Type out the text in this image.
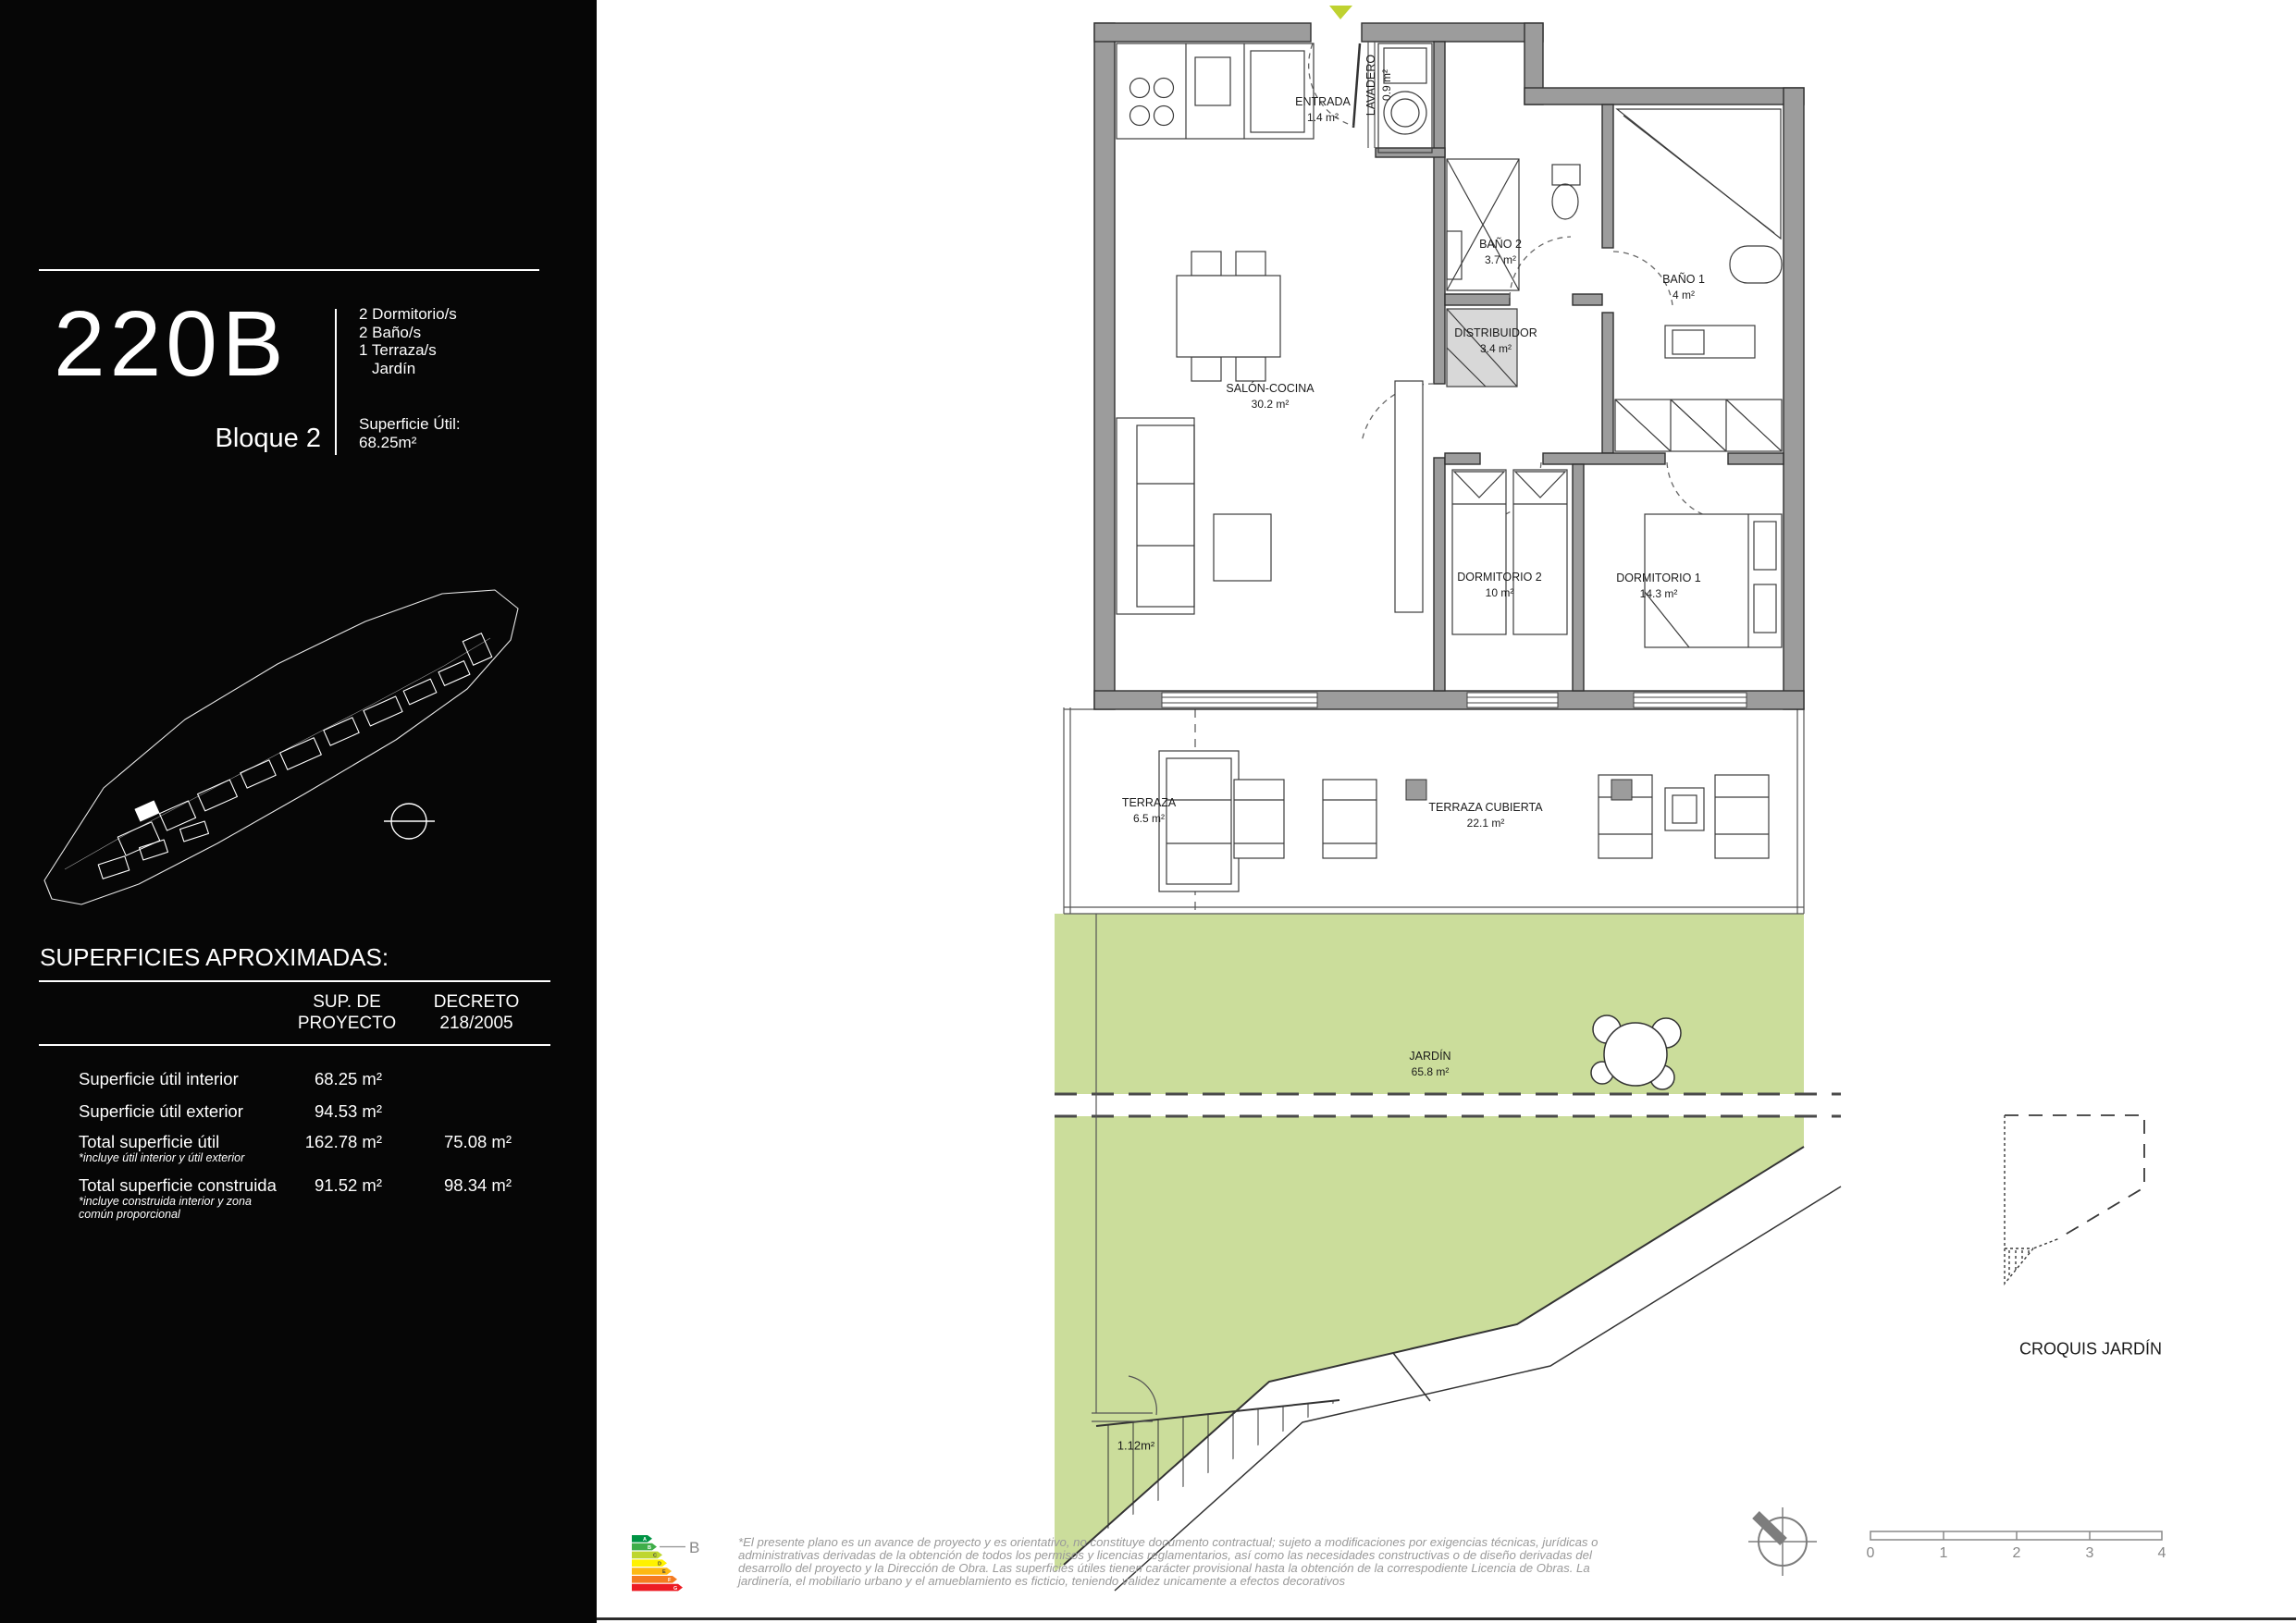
220B
Bloque 2
2 Dormitorio/s
2 Baño/s
1 Terraza/s
Jardín
Superficie Útil:
68.25m²
SUPERFICIES APROXIMADAS:
SUP. DE
PROYECTO
DECRETO
218/2005
Superficie útil interior	68.25 m²
Superficie útil exterior	94.53 m²
Total superficie útil
*incluye útil interior y útil exterior
162.78 m²	75.08 m²
Total superficie construida
*incluye construida interior y zona común proporcional
91.52 m²	98.34 m²
0	1	2	3	4
A
B
C
D
E
F
G
B
ENTRADA
1.4 m²
LAVADERO 0.9 m²
SALÓN-COCINA
30.2 m²
BAÑO 2
3.7 m²
DISTRIBUIDOR
3.4 m²
BAÑO 1
4 m²
DORMITORIO 2
10 m²
DORMITORIO 1
14.3 m²
TERRAZA
6.5 m²
TERRAZA CUBIERTA
22.1 m²
JARDÍN
65.8 m²
1.12m²
CROQUIS JARDÍN
*El presente plano es un avance de proyecto y es orientativo, no constituye documento contractual; sujeto a modificaciones por exigencias técnicas, jurídicas o
administrativas derivadas de la obtención de todos los permisos y licencias reglamentarios, así como las necesidades constructivas o de diseño derivadas del
desarrollo del proyecto y la Dirección de Obra. Las superficies útiles tienen carácter provisional hasta la obtención de la correspodiente Licencia de Obras. La
jardinería, el mobiliario urbano y el amueblamiento es ficticio, teniendo validez unicamente a efectos decorativos
